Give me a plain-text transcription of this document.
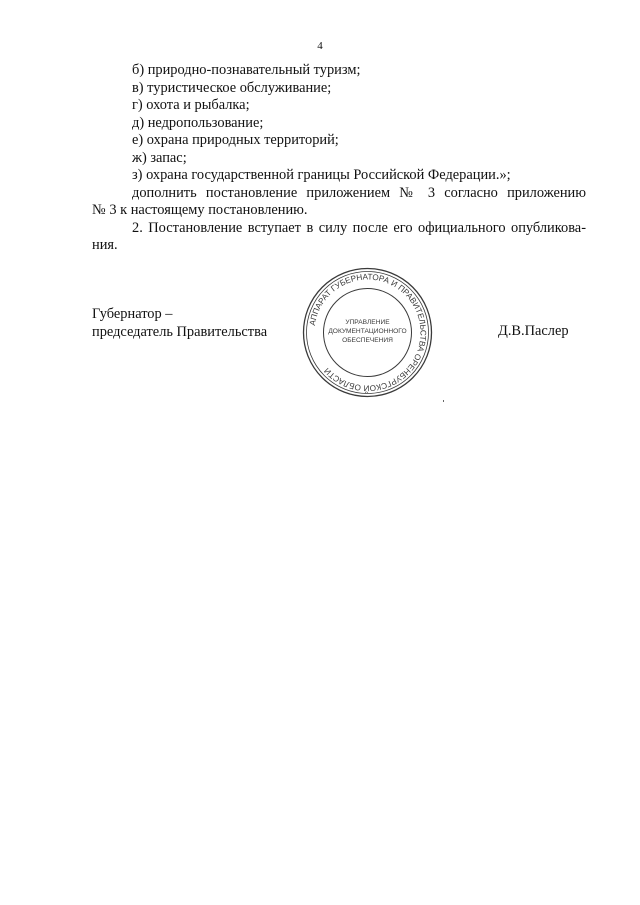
4
б) природно-познавательный туризм;
в) туристическое обслуживание;
г) охота и рыбалка;
д) недропользование;
е) охрана природных территорий;
ж) запас;
з) охрана государственной границы Российской Федерации.»;
дополнить постановление приложением № 3 согласно приложению
№ 3 к настоящему постановлению.
2. Постановление вступает в силу после его официального опубликова-
ния.
Губернатор –
председатель Правительства	Д.В.Паслер
АППАРАТ ГУБЕРНАТОРА И ПРАВИТЕЛЬСТВА ОРЕНБУРГСКОЙ ОБЛАСТИ
УПРАВЛЕНИЕ
ДОКУМЕНТАЦИОННОГО
ОБЕСПЕЧЕНИЯ
